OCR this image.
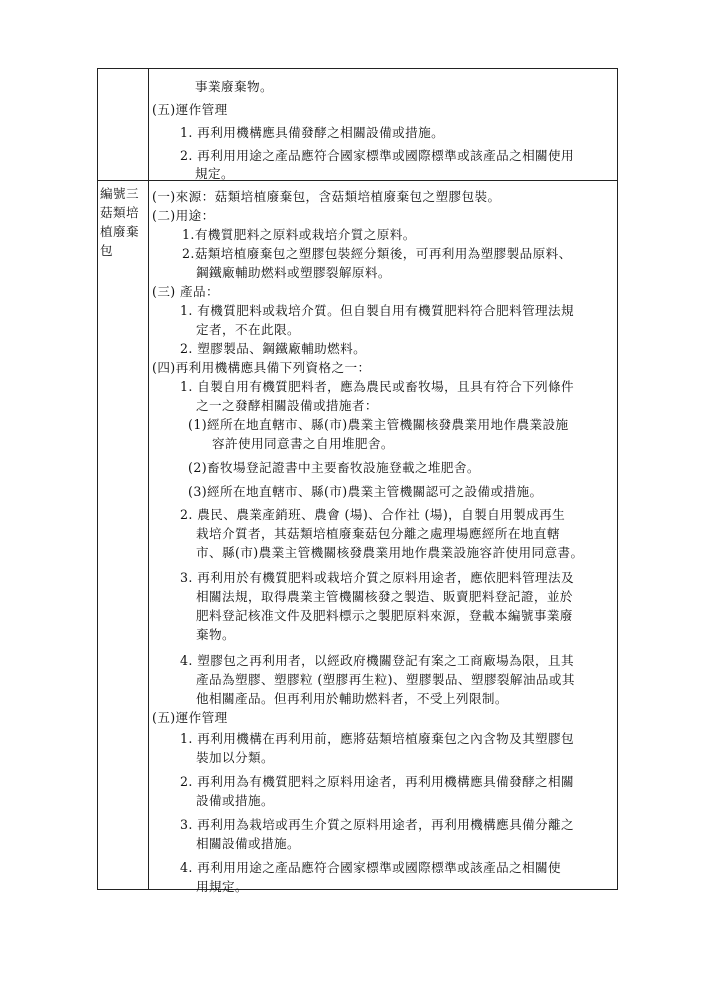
編號三
菇類培
植廢棄
包
事業廢棄物。
(五)運作管理
1. 再利用機構應具備發酵之相關設備或措施。
2. 再利用用途之產品應符合國家標準或國際標準或該產品之相關使用
規定。
(一)來源：菇類培植廢棄包，含菇類培植廢棄包之塑膠包裝。
(二)用途：
1.有機質肥料之原料或栽培介質之原料。
2.菇類培植廢棄包之塑膠包裝經分類後，可再利用為塑膠製品原料、
鋼鐵廠輔助燃料或塑膠裂解原料。
(三) 產品：
1. 有機質肥料或栽培介質。但自製自用有機質肥料符合肥料管理法規
定者，不在此限。
2. 塑膠製品、鋼鐵廠輔助燃料。
(四)再利用機構應具備下列資格之一：
1. 自製自用有機質肥料者，應為農民或畜牧場，且具有符合下列條件
之一之發酵相關設備或措施者：
(1)經所在地直轄市、縣(市)農業主管機關核發農業用地作農業設施
容許使用同意書之自用堆肥舍。
(2)畜牧場登記證書中主要畜牧設施登載之堆肥舍。
(3)經所在地直轄市、縣(市)農業主管機關認可之設備或措施。
2. 農民、農業產銷班、農會 (場)、合作社 (場)，自製自用製成再生
栽培介質者，其菇類培植廢棄菇包分離之處理場應經所在地直轄
市、縣(市)農業主管機關核發農業用地作農業設施容許使用同意書。
3. 再利用於有機質肥料或栽培介質之原料用途者，應依肥料管理法及
相關法規，取得農業主管機關核發之製造、販賣肥料登記證，並於
肥料登記核准文件及肥料標示之製肥原料來源，登載本編號事業廢
棄物。
4. 塑膠包之再利用者，以經政府機關登記有案之工商廠場為限，且其
產品為塑膠、塑膠粒 (塑膠再生粒)、塑膠製品、塑膠裂解油品或其
他相關產品。但再利用於輔助燃料者，不受上列限制。
(五)運作管理
1. 再利用機構在再利用前，應將菇類培植廢棄包之內含物及其塑膠包
裝加以分類。
2. 再利用為有機質肥料之原料用途者，再利用機構應具備發酵之相關
設備或措施。
3. 再利用為栽培或再生介質之原料用途者，再利用機構應具備分離之
相關設備或措施。
4. 再利用用途之產品應符合國家標準或國際標準或該產品之相關使
用規定。
